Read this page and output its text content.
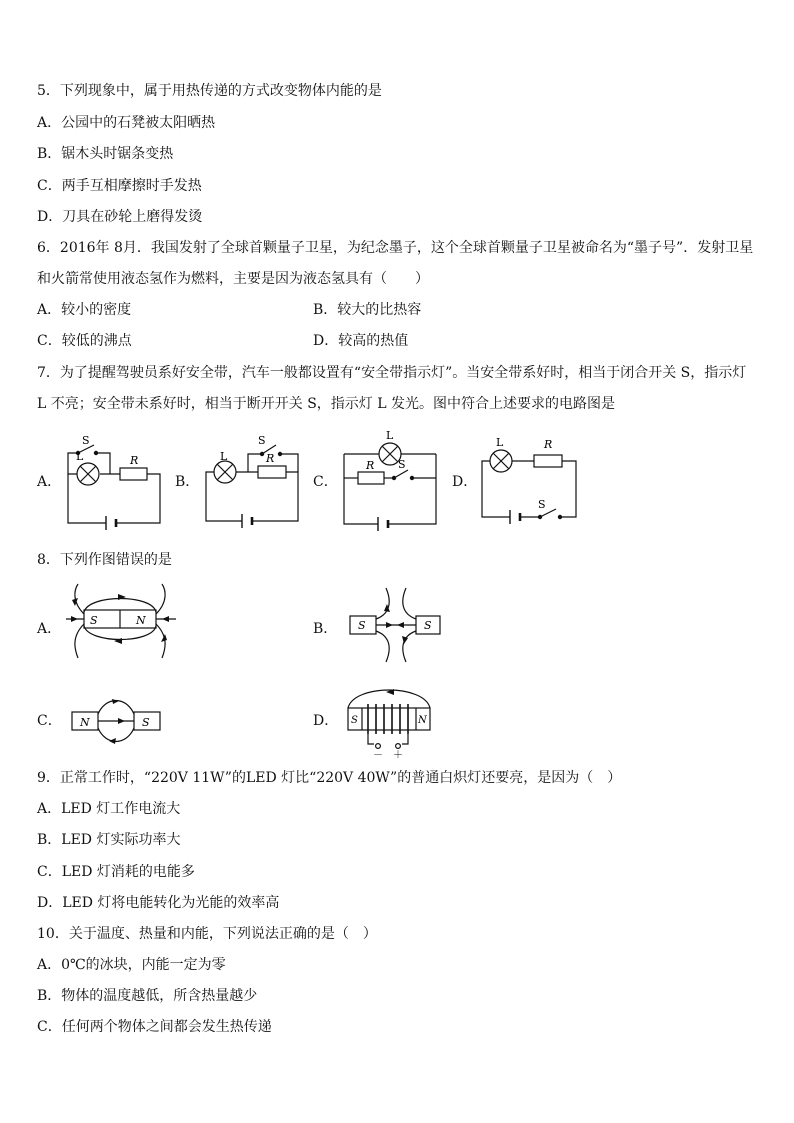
5．下列现象中，属于用热传递的方式改变物体内能的是
A．公园中的石凳被太阳晒热
B．锯木头时锯条变热
C．两手互相摩擦时手发热
D．刀具在砂轮上磨得发烫
6．2016年 8月．我国发射了全球首颗量子卫星，为纪念墨子，这个全球首颗量子卫星被命名为“墨子号”．发射卫星
和火箭常使用液态氢作为燃料，主要是因为液态氢具有（　　）
A．较小的密度	B．较大的比热容
C．较低的沸点	D．较高的热值
7．为了提醒驾驶员系好安全带，汽车一般都设置有“安全带指示灯”。当安全带系好时，相当于闭合开关 S，指示灯
L 不亮；安全带未系好时，相当于断开开关 S，指示灯 L 发光。图中符合上述要求的电路图是
A．	B．	C．	D．
S
L	R
S
L	R
L
R S
L	R
S
8．下列作图错误的是
A．	B．
C．	D．
S	N	S	S
N	S	S	N
－ ＋
9．正常工作时，“220V 11W”的LED 灯比“220V 40W”的普通白炽灯还要亮，是因为（　）
A．LED 灯工作电流大
B．LED 灯实际功率大
C．LED 灯消耗的电能多
D．LED 灯将电能转化为光能的效率高
10．关于温度、热量和内能，下列说法正确的是（　）
A．0℃的冰块，内能一定为零
B．物体的温度越低，所含热量越少
C．任何两个物体之间都会发生热传递
